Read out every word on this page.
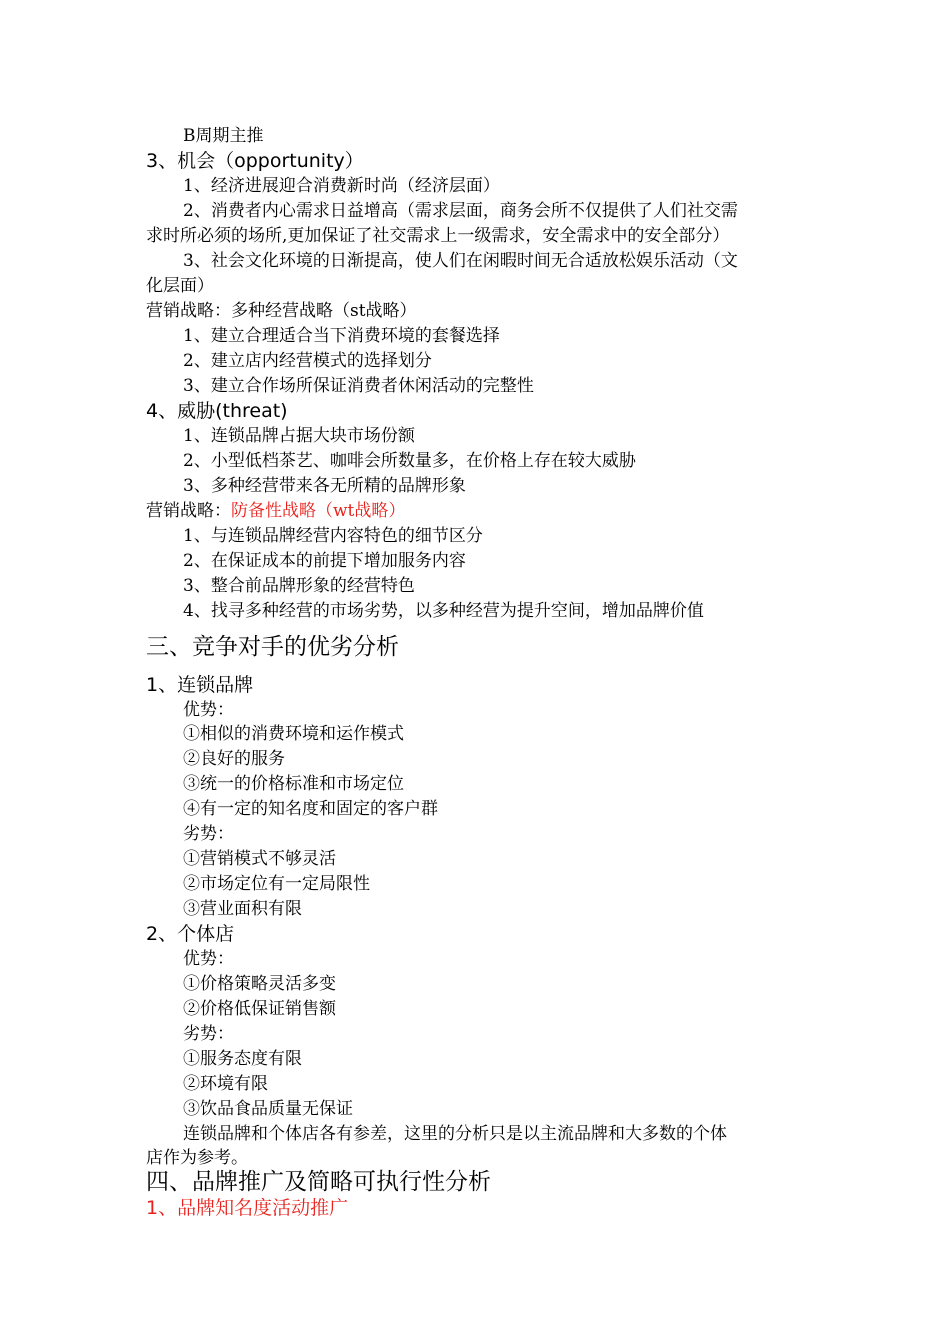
B周期主推
3、机会（opportunity）
1、经济进展迎合消费新时尚（经济层面）
2、消费者内心需求日益增高（需求层面，商务会所不仅提供了人们社交需
求时所必须的场所,更加保证了社交需求上一级需求，安全需求中的安全部分）
3、社会文化环境的日渐提高，使人们在闲暇时间无合适放松娱乐活动（文
化层面）
营销战略：多种经营战略（st战略）
1、建立合理适合当下消费环境的套餐选择
2、建立店内经营模式的选择划分
3、建立合作场所保证消费者休闲活动的完整性
4、威胁(threat)
1、连锁品牌占据大块市场份额
2、小型低档茶艺、咖啡会所数量多，在价格上存在较大威胁
3、多种经营带来各无所精的品牌形象
营销战略：防备性战略（wt战略）
1、与连锁品牌经营内容特色的细节区分
2、在保证成本的前提下增加服务内容
3、整合前品牌形象的经营特色
4、找寻多种经营的市场劣势，以多种经营为提升空间，增加品牌价值
三、竞争对手的优劣分析
1、连锁品牌
优势：
①相似的消费环境和运作模式
②良好的服务
③统一的价格标准和市场定位
④有一定的知名度和固定的客户群
劣势：
①营销模式不够灵活
②市场定位有一定局限性
③营业面积有限
2、个体店
优势：
①价格策略灵活多变
②价格低保证销售额
劣势：
①服务态度有限
②环境有限
③饮品食品质量无保证
连锁品牌和个体店各有参差，这里的分析只是以主流品牌和大多数的个体
店作为参考。
四、品牌推广及简略可执行性分析
1、品牌知名度活动推广
